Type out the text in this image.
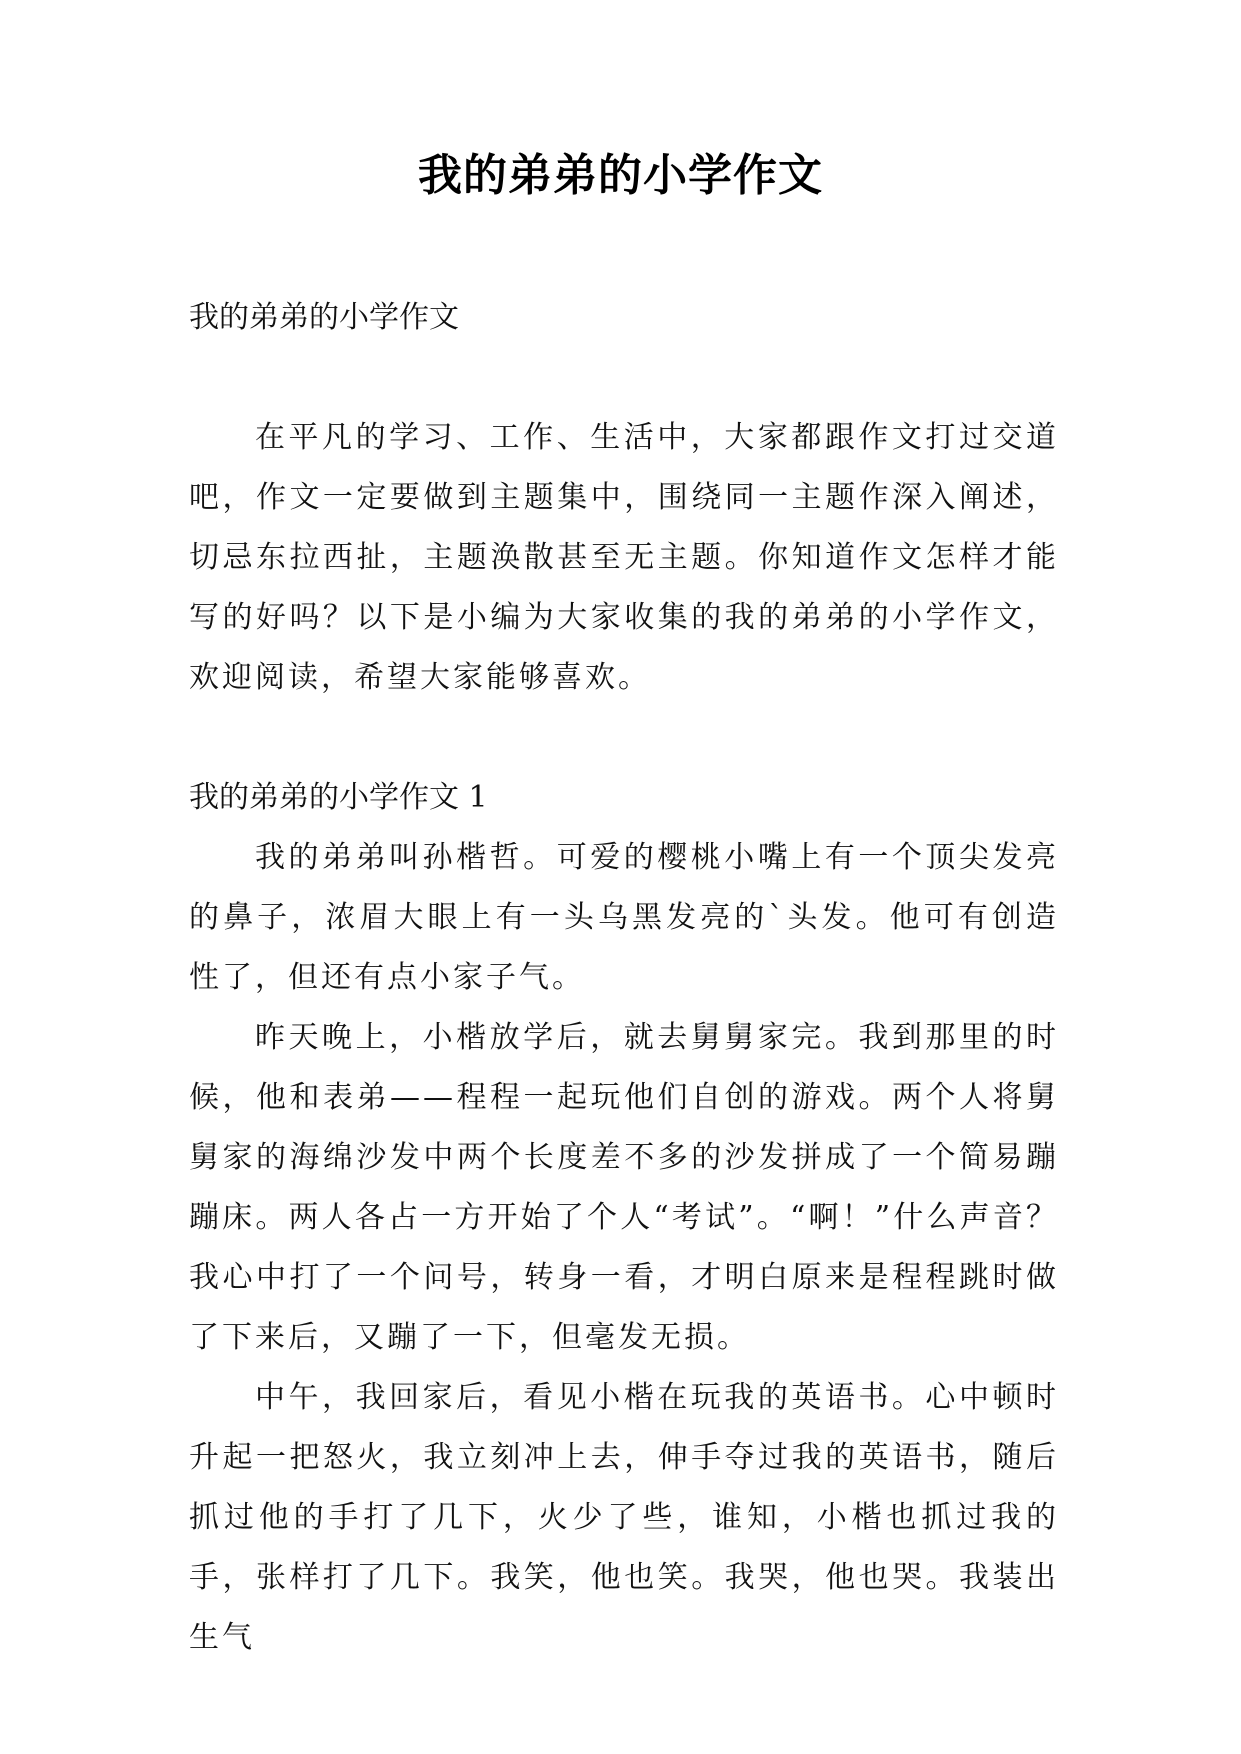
我的弟弟的小学作文

我的弟弟的小学作文

在平凡的学习、工作、生活中，大家都跟作文打过交道吧，作文一定要做到主题集中，围绕同一主题作深入阐述，切忌东拉西扯，主题涣散甚至无主题。你知道作文怎样才能写的好吗？以下是小编为大家收集的我的弟弟的小学作文，欢迎阅读，希望大家能够喜欢。

我的弟弟的小学作文 1

我的弟弟叫孙楷哲。可爱的樱桃小嘴上有一个顶尖发亮的鼻子，浓眉大眼上有一头乌黑发亮的`头发。他可有创造性了，但还有点小家子气。

昨天晚上，小楷放学后，就去舅舅家完。我到那里的时候，他和表弟——程程一起玩他们自创的游戏。两个人将舅舅家的海绵沙发中两个长度差不多的沙发拼成了一个简易蹦蹦床。两人各占一方开始了个人“考试”。“啊！”什么声音？我心中打了一个问号，转身一看，才明白原来是程程跳时做了下来后，又蹦了一下，但毫发无损。

中午，我回家后，看见小楷在玩我的英语书。心中顿时升起一把怒火，我立刻冲上去，伸手夺过我的英语书，随后抓过他的手打了几下，火少了些，谁知，小楷也抓过我的手，张样打了几下。我笑，他也笑。我哭，他也哭。我装出生气
